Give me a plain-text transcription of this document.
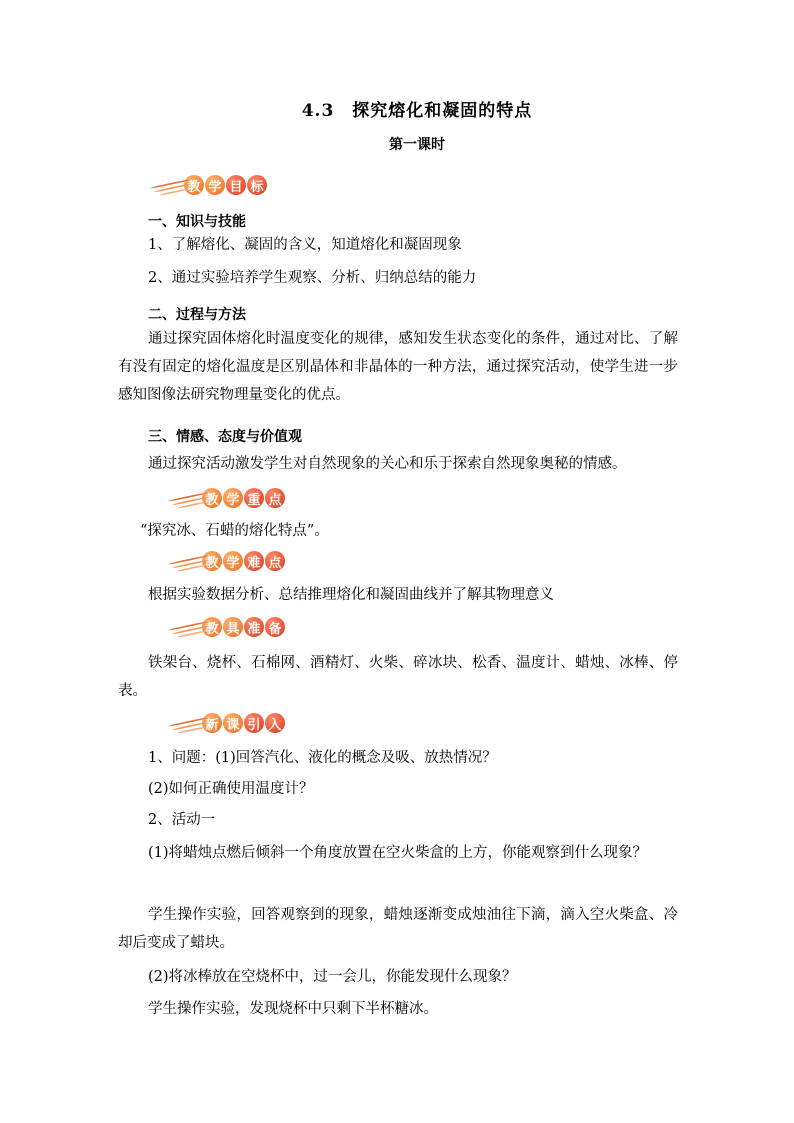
4.3　探究熔化和凝固的特点
第一课时
教 学 目 标
一、知识与技能
1、了解熔化、凝固的含义，知道熔化和凝固现象
2、通过实验培养学生观察、分析、归纳总结的能力
二、过程与方法
通过探究固体熔化时温度变化的规律，感知发生状态变化的条件，通过对比、了解有没有固定的熔化温度是区别晶体和非晶体的一种方法，通过探究活动，使学生进一步感知图像法研究物理量变化的优点。
三、情感、态度与价值观
通过探究活动激发学生对自然现象的关心和乐于探索自然现象奥秘的情感。
教 学 重 点
“探究冰、石蜡的熔化特点”。
教 学 难 点
根据实验数据分析、总结推理熔化和凝固曲线并了解其物理意义
教 具 准 备
铁架台、烧杯、石棉网、酒精灯、火柴、碎冰块、松香、温度计、蜡烛、冰棒、停表。
新 课 引 入
1、问题：(1)回答汽化、液化的概念及吸、放热情况？
(2)如何正确使用温度计？
2、活动一
(1)将蜡烛点燃后倾斜一个角度放置在空火柴盒的上方，你能观察到什么现象？
学生操作实验，回答观察到的现象，蜡烛逐渐变成烛油往下滴，滴入空火柴盒、冷却后变成了蜡块。
(2)将冰棒放在空烧杯中，过一会儿，你能发现什么现象？
学生操作实验，发现烧杯中只剩下半杯糖冰。
